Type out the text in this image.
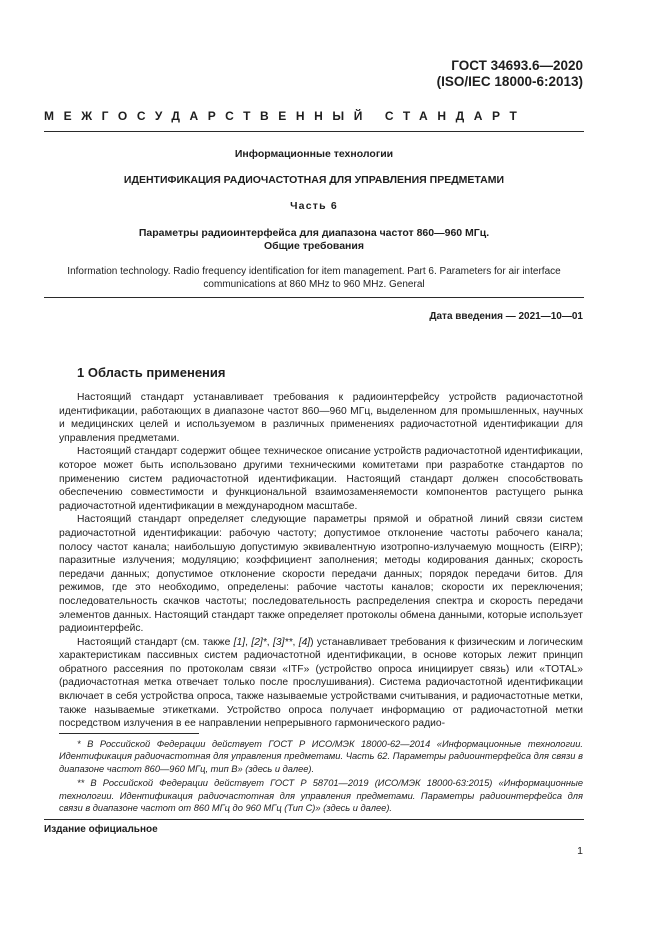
ГОСТ 34693.6—2020
(ISO/IEC 18000-6:2013)
МЕЖГОСУДАРСТВЕННЫЙ СТАНДАРТ
Информационные технологии
ИДЕНТИФИКАЦИЯ РАДИОЧАСТОТНАЯ ДЛЯ УПРАВЛЕНИЯ ПРЕДМЕТАМИ
Часть 6
Параметры радиоинтерфейса для диапазона частот 860—960 МГц.
Общие требования
Information technology. Radio frequency identification for item management. Part 6. Parameters for air interface
communications at 860 MHz to 960 MHz. General
Дата введения — 2021—10—01
1 Область применения

Настоящий стандарт устанавливает требования к радиоинтерфейсу устройств радиочастотной идентификации, работающих в диапазоне частот 860—960 МГц, выделенном для промышленных, научных и медицинских целей и используемом в различных применениях радиочастотной идентификации для управления предметами.

Настоящий стандарт содержит общее техническое описание устройств радиочастотной идентификации, которое может быть использовано другими техническими комитетами при разработке стандартов по применению систем радиочастотной идентификации. Настоящий стандарт должен способствовать обеспечению совместимости и функциональной взаимозаменяемости компонентов растущего рынка радиочастотной идентификации в международном масштабе.

Настоящий стандарт определяет следующие параметры прямой и обратной линий связи систем радиочастотной идентификации: рабочую частоту; допустимое отклонение частоты рабочего канала; полосу частот канала; наибольшую допустимую эквивалентную изотропно-излучаемую мощность (EIRP); паразитные излучения; модуляцию; коэффициент заполнения; методы кодирования данных; скорость передачи данных; допустимое отклонение скорости передачи данных; порядок передачи битов. Для режимов, где это необходимо, определены: рабочие частоты каналов; скорости их переключения; последовательность скачков частоты; последовательность распределения спектра и скорость передачи элементов данных. Настоящий стандарт также определяет протоколы обмена данными, которые использует радиоинтерфейс.

Настоящий стандарт (см. также [1], [2]*, [3]**, [4]) устанавливает требования к физическим и логическим характеристикам пассивных систем радиочастотной идентификации, в основе которых лежит принцип обратного рассеяния по протоколам связи «ITF» (устройство опроса инициирует связь) или «TOTAL» (радиочастотная метка отвечает только после прослушивания). Система радиочастотной идентификации включает в себя устройства опроса, также называемые устройствами считывания, и радиочастотные метки, также называемые этикетками. Устройство опроса получает информацию от радиочастотной метки посредством излучения в ее направлении непрерывного гармонического радио-

* В Российской Федерации действует ГОСТ Р ИСО/МЭК 18000-62—2014 «Информационные технологии. Идентификация радиочастотная для управления предметами. Часть 62. Параметры радиоинтерфейса для связи в диапазоне частот 860—960 МГц, тип В» (здесь и далее).

** В Российской Федерации действует ГОСТ Р 58701—2019 (ИСО/МЭК 18000-63:2015) «Информационные технологии. Идентификация радиочастотная для управления предметами. Параметры радиоинтерфейса для связи в диапазоне частот от 860 МГц до 960 МГц (Тип С)» (здесь и далее).

Издание официальное
1
